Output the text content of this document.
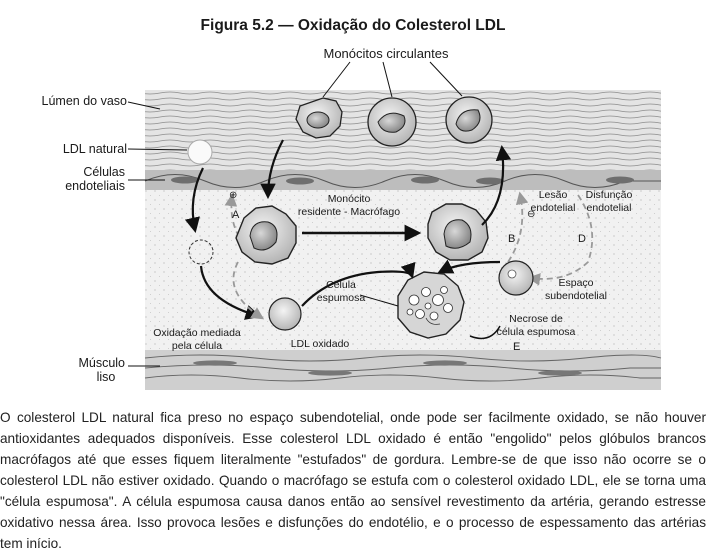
Figura 5.2 — Oxidação do Colesterol LDL
⊕
⊖
Monócitos circulantes
Lúmen do vaso
LDL natural
Células
endoteliais
A
Monócito
residente - Macrófago
Lesão
endotelial
Disfunção
endotelial
B	D
Célula
espumosa
Espaço
subendotelial
Oxidação mediada
pela célula	LDL oxidado
Necrose de
célula espumosa
E
Músculo
liso

O colesterol LDL natural fica preso no espaço subendotelial, onde pode ser facilmente oxidado, se não houver antioxidantes adequados disponíveis. Esse colesterol LDL oxidado é então "engolido" pelos glóbulos brancos macrófagos até que esses fiquem literalmente "estufados" de gordura. Lembre-se de que isso não ocorre se o colesterol LDL não estiver oxidado. Quando o macrófago se estufa com o colesterol oxidado LDL, ele se torna uma "célula espumosa". A célula espumosa causa danos então ao sensível revestimento da artéria, gerando estresse oxidativo nessa área. Isso provoca lesões e disfunções do endotélio, e o processo de espessamento das artérias tem início.
